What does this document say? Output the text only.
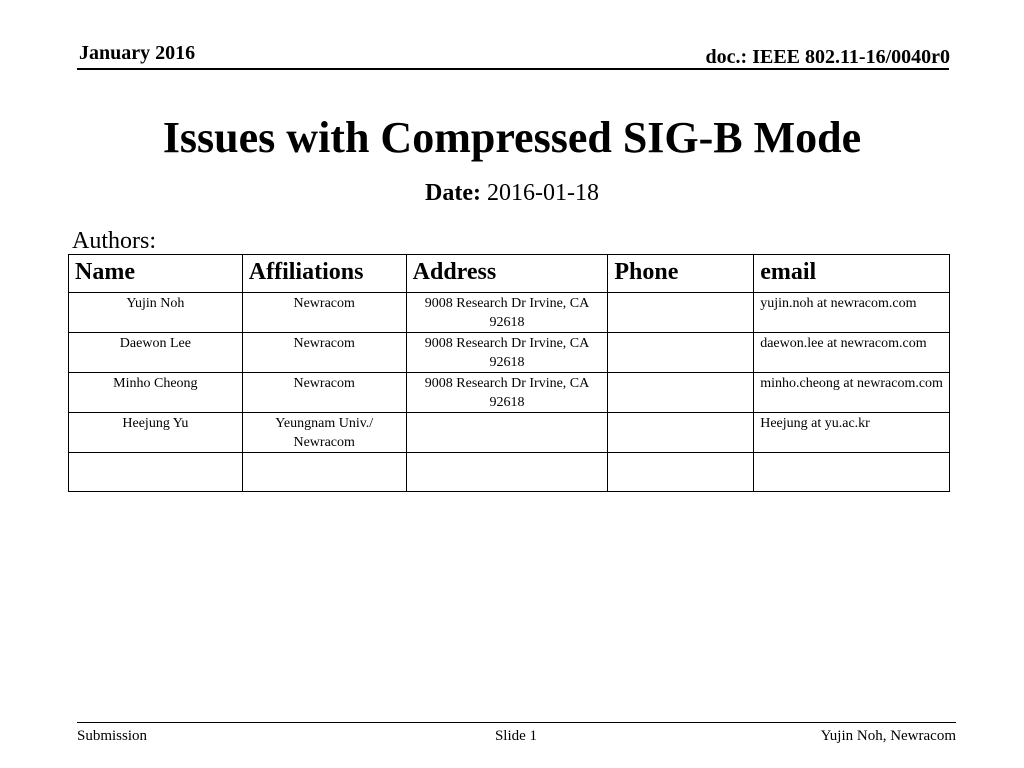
January 2016	doc.: IEEE 802.11-16/0040r0
Issues with Compressed SIG-B Mode
Date: 2016-01-18
Authors:
Name	Affiliations	Address	Phone	email
Yujin Noh	Newracom	9008 Research Dr Irvine, CA 92618		yujin.noh at newracom.com
Daewon Lee	Newracom	9008 Research Dr Irvine, CA 92618		daewon.lee at newracom.com
Minho Cheong	Newracom	9008 Research Dr Irvine, CA 92618		minho.cheong at newracom.com
Heejung Yu	Yeungnam Univ./ Newracom			Heejung at yu.ac.kr

Submission	Slide 1	Yujin Noh, Newracom
